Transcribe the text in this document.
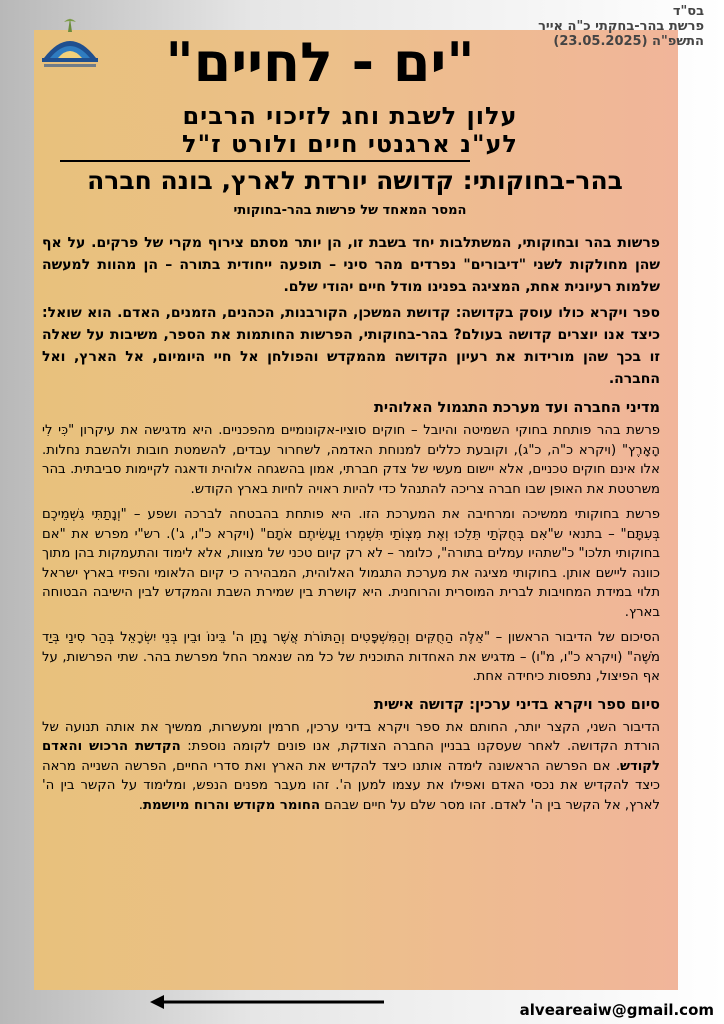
בס"ד
פרשת בהר-בחקתי כ"ה אייר
התשפ"ה (23.05.2025)
"ים - לחיים"
עלון לשבת וחג לזיכוי הרבים
לע"נ ארגנטי חיים ולורט ז"ל
בהר-בחוקותי: קדושה יורדת לארץ, בונה חברה
המסר המאחד של פרשות בהר-בחוקותי

פרשות בהר ובחוקותי, המשתלבות יחד בשבת זו, הן יותר מסתם צירוף מקרי של פרקים. על אף שהן מחולקות לשני "דיבורים" נפרדים מהר סיני – תופעה ייחודית בתורה – הן מהוות למעשה שלמות רעיונית אחת, המציגה בפנינו מודל חיים יהודי שלם.

ספר ויקרא כולו עוסק בקדושה: קדושת המשכן, הקורבנות, הכהנים, הזמנים, האדם. הוא שואל: כיצד אנו יוצרים קדושה בעולם? בהר-בחוקותי, הפרשות החותמות את הספר, משיבות על שאלה זו בכך שהן מורידות את רעיון הקדושה מהמקדש והפולחן אל חיי היומיום, אל הארץ, ואל החברה.

מדיני החברה ועד מערכת התגמול האלוהית

פרשת בהר פותחת בחוקי השמיטה והיובל – חוקים סוציו-אקונומיים מהפכניים. היא מדגישה את עיקרון "כִּי לִי הָאָרֶץ" (ויקרא כ"ה, כ"ג), וקובעת כללים למנוחת האדמה, לשחרור עבדים, להשמטת חובות ולהשבת נחלות. אלו אינם חוקים טכניים, אלא יישום מעשי של צדק חברתי, אמון בהשגחה אלוהית ודאגה לקיימות סביבתית. בהר משרטטת את האופן שבו חברה צריכה להתנהל כדי להיות ראויה לחיות בארץ הקודש.

פרשת בחוקותי ממשיכה ומרחיבה את המערכת הזו. היא פותחת בהבטחה לברכה ושפע – "וְנָתַתִּי גִשְׁמֵיכֶם בְּעִתָּם" – בתנאי ש"אִם בְּחֻקֹּתַי תֵּלֵכוּ וְאֶת מִצְוֹתַי תִּשְׁמְרוּ וַעֲשִׂיתֶם אֹתָם" (ויקרא כ"ו, ג'). רש"י מפרש את "אם בחוקותי תלכו" כ"שתהיו עמלים בתורה", כלומר – לא רק קיום טכני של מצוות, אלא לימוד והתעמקות בהן מתוך כוונה ליישם אותן. בחוקותי מציגה את מערכת התגמול האלוהית, המבהירה כי קיום הלאומי והפיזי בארץ ישראל תלוי במידת המחויבות לברית המוסרית והרוחנית. היא קושרת בין שמירת השבת והמקדש לבין הישיבה הבטוחה בארץ.

הסיכום של הדיבור הראשון – "אֵלֶּה הַחֻקִּים וְהַמִּשְׁפָּטִים וְהַתּוֹרֹת אֲשֶׁר נָתַן ה' בֵּינוֹ וּבֵין בְּנֵי יִשְׂרָאֵל בְּהַר סִינַי בְּיַד מֹשֶׁה" (ויקרא כ"ו, מ"ו) – מדגיש את האחדות התוכנית של כל מה שנאמר החל מפרשת בהר. שתי הפרשות, על אף הפיצול, נתפסות כיחידה אחת.

סיום ספר ויקרא בדיני ערכין: קדושה אישית

הדיבור השני, הקצר יותר, החותם את ספר ויקרא בדיני ערכין, חרמין ומעשרות, ממשיך את אותה תנועה של הורדת הקדושה. לאחר שעסקנו בבניין החברה הצודקת, אנו פונים לקומה נוספת: הקדשת הרכוש והאדם לקודש. אם הפרשה הראשונה לימדה אותנו כיצד להקדיש את הארץ ואת סדרי החיים, הפרשה השנייה מראה כיצד להקדיש את נכסי האדם ואפילו את עצמו למען ה'. זהו מעבר מפנים הנפש, ומלימוד על הקשר בין ה' לארץ, אל הקשר בין ה' לאדם. זהו מסר שלם על חיים שבהם החומר מקודש והרוח מיושמת.

alveareaiw@gmail.com
